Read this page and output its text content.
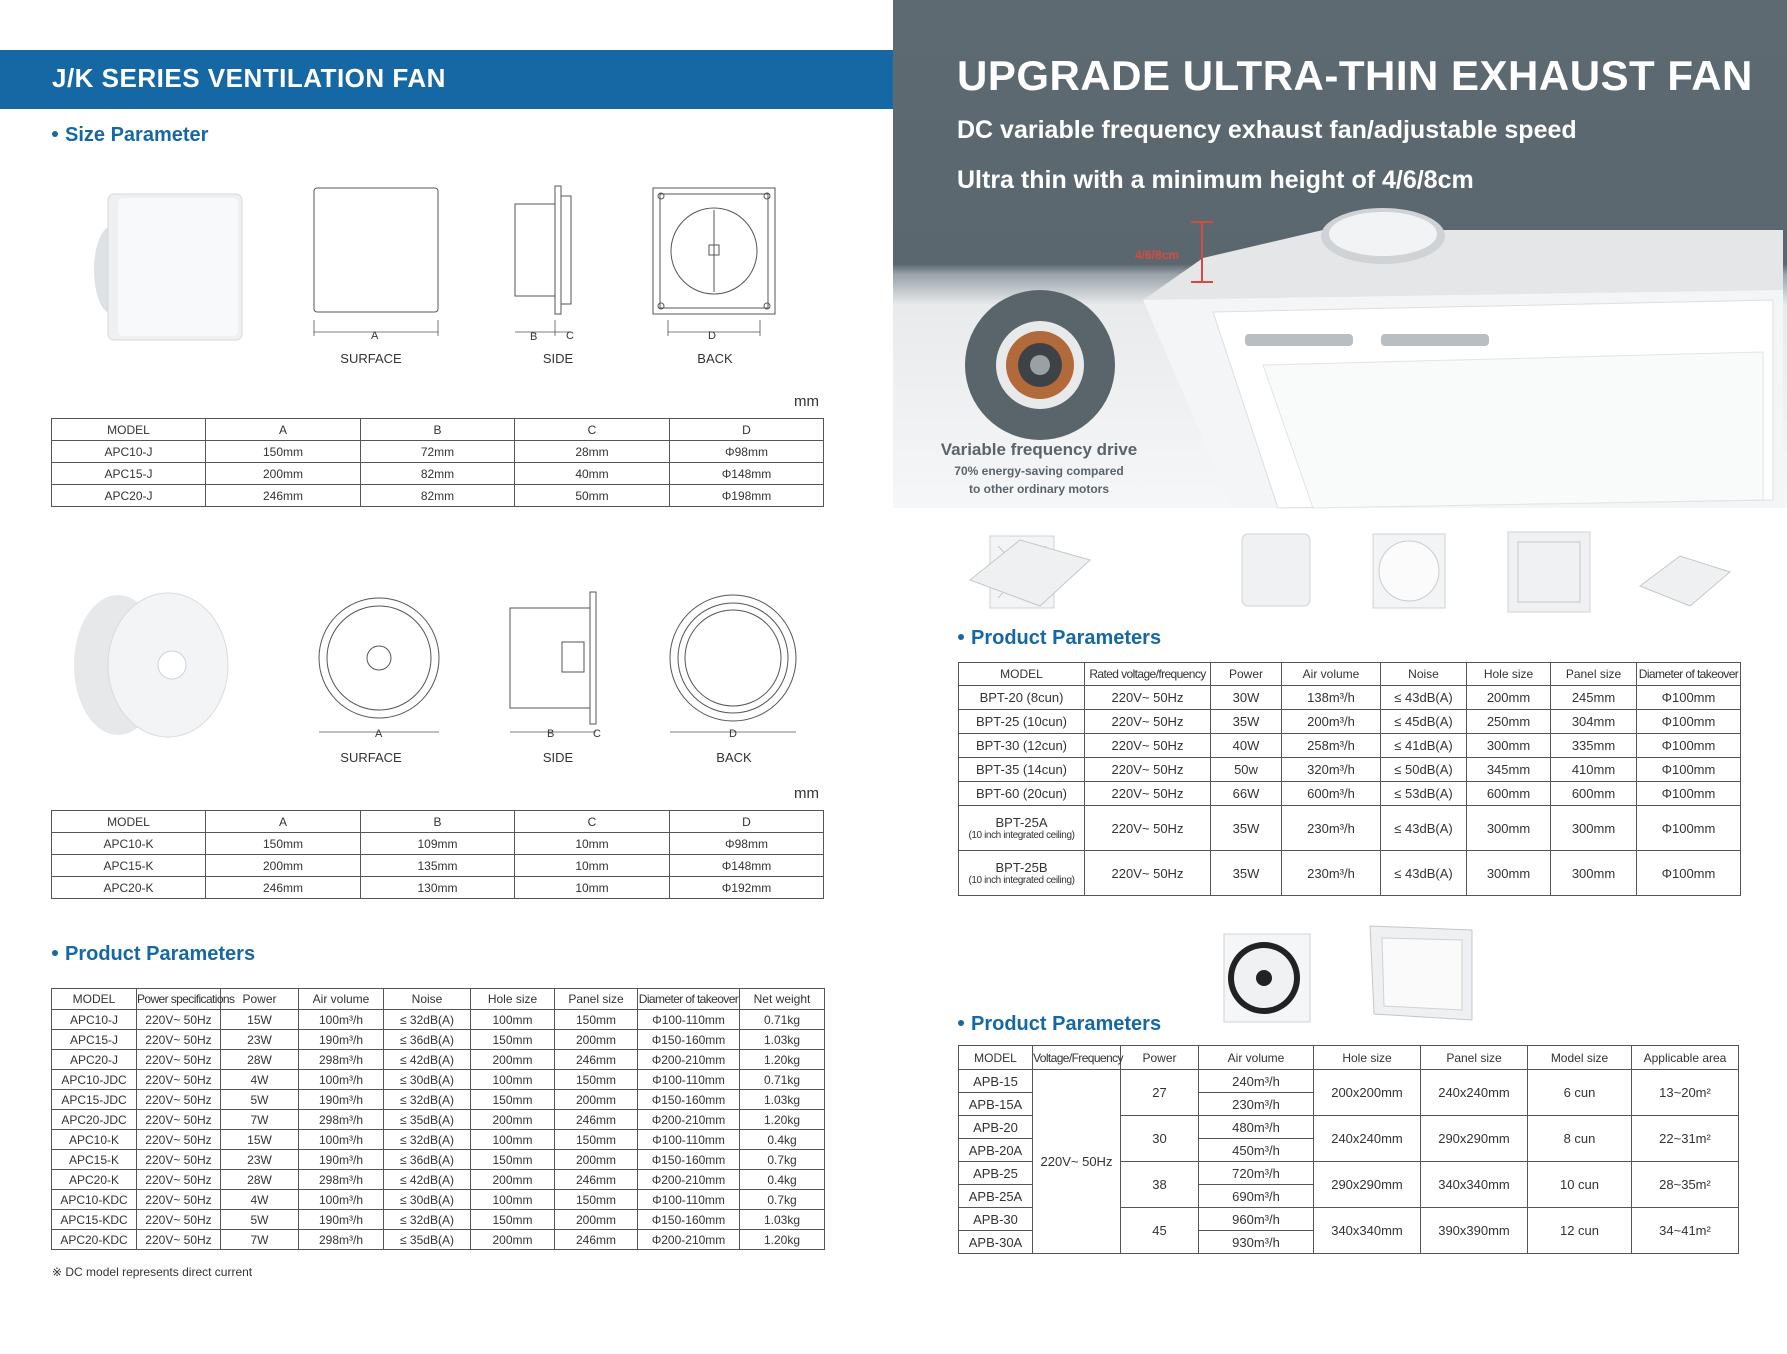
J/K SERIES VENTILATION FAN
Size Parameter
A	B	C	D
SURFACE	SIDE	BACK
mm
MODEL	A	B	C	D
APC10-J	150mm	72mm	28mm	Φ98mm
APC15-J	200mm	82mm	40mm	Φ148mm
APC20-J	246mm	82mm	50mm	Φ198mm
A	B	C	D
SURFACE	SIDE	BACK
mm
MODEL	A	B	C	D
APC10-K	150mm	109mm	10mm	Φ98mm
APC15-K	200mm	135mm	10mm	Φ148mm
APC20-K	246mm	130mm	10mm	Φ192mm
Product Parameters
MODEL	Power specifications	Power	Air volume	Noise	Hole size	Panel size	Diameter of takeover	Net weight
APC10-J	220V~ 50Hz	15W	100m³/h	≤ 32dB(A)	100mm	150mm	Φ100-110mm	0.71kg
APC15-J	220V~ 50Hz	23W	190m³/h	≤ 36dB(A)	150mm	200mm	Φ150-160mm	1.03kg
APC20-J	220V~ 50Hz	28W	298m³/h	≤ 42dB(A)	200mm	246mm	Φ200-210mm	1.20kg
APC10-JDC	220V~ 50Hz	4W	100m³/h	≤ 30dB(A)	100mm	150mm	Φ100-110mm	0.71kg
APC15-JDC	220V~ 50Hz	5W	190m³/h	≤ 32dB(A)	150mm	200mm	Φ150-160mm	1.03kg
APC20-JDC	220V~ 50Hz	7W	298m³/h	≤ 35dB(A)	200mm	246mm	Φ200-210mm	1.20kg
APC10-K	220V~ 50Hz	15W	100m³/h	≤ 32dB(A)	100mm	150mm	Φ100-110mm	0.4kg
APC15-K	220V~ 50Hz	23W	190m³/h	≤ 36dB(A)	150mm	200mm	Φ150-160mm	0.7kg
APC20-K	220V~ 50Hz	28W	298m³/h	≤ 42dB(A)	200mm	246mm	Φ200-210mm	0.4kg
APC10-KDC	220V~ 50Hz	4W	100m³/h	≤ 30dB(A)	100mm	150mm	Φ100-110mm	0.7kg
APC15-KDC	220V~ 50Hz	5W	190m³/h	≤ 32dB(A)	150mm	200mm	Φ150-160mm	1.03kg
APC20-KDC	220V~ 50Hz	7W	298m³/h	≤ 35dB(A)	200mm	246mm	Φ200-210mm	1.20kg
※ DC model represents direct current
UPGRADE ULTRA-THIN EXHAUST FAN
DC variable frequency exhaust fan/adjustable speed
Ultra thin with a minimum height of 4/6/8cm
4/6/8cm
Variable frequency drive
70% energy-saving compared
to other ordinary motors
Product Parameters
MODEL	Rated voltage/frequency	Power	Air volume	Noise	Hole size	Panel size	Diameter of takeover
BPT-20 (8cun)	220V~ 50Hz	30W	138m³/h	≤ 43dB(A)	200mm	245mm	Φ100mm
BPT-25 (10cun)	220V~ 50Hz	35W	200m³/h	≤ 45dB(A)	250mm	304mm	Φ100mm
BPT-30 (12cun)	220V~ 50Hz	40W	258m³/h	≤ 41dB(A)	300mm	335mm	Φ100mm
BPT-35 (14cun)	220V~ 50Hz	50w	320m³/h	≤ 50dB(A)	345mm	410mm	Φ100mm
BPT-60 (20cun)	220V~ 50Hz	66W	600m³/h	≤ 53dB(A)	600mm	600mm	Φ100mm
BPT-25A
(10 inch integrated ceiling)	220V~ 50Hz	35W	230m³/h	≤ 43dB(A)	300mm	300mm	Φ100mm
BPT-25B
(10 inch integrated ceiling)	220V~ 50Hz	35W	230m³/h	≤ 43dB(A)	300mm	300mm	Φ100mm
Product Parameters
MODEL	Voltage/Frequency	Power	Air volume	Hole size	Panel size	Model size	Applicable area
APB-15	220V~ 50Hz	27	240m³/h	200x200mm	240x240mm	6 cun	13~20m²
APB-15A			230m³/h				
APB-20		30	480m³/h	240x240mm	290x290mm	8 cun	22~31m²
APB-20A			450m³/h				
APB-25		38	720m³/h	290x290mm	340x340mm	10 cun	28~35m²
APB-25A			690m³/h				
APB-30		45	960m³/h	340x340mm	390x390mm	12 cun	34~41m²
APB-30A			930m³/h				
